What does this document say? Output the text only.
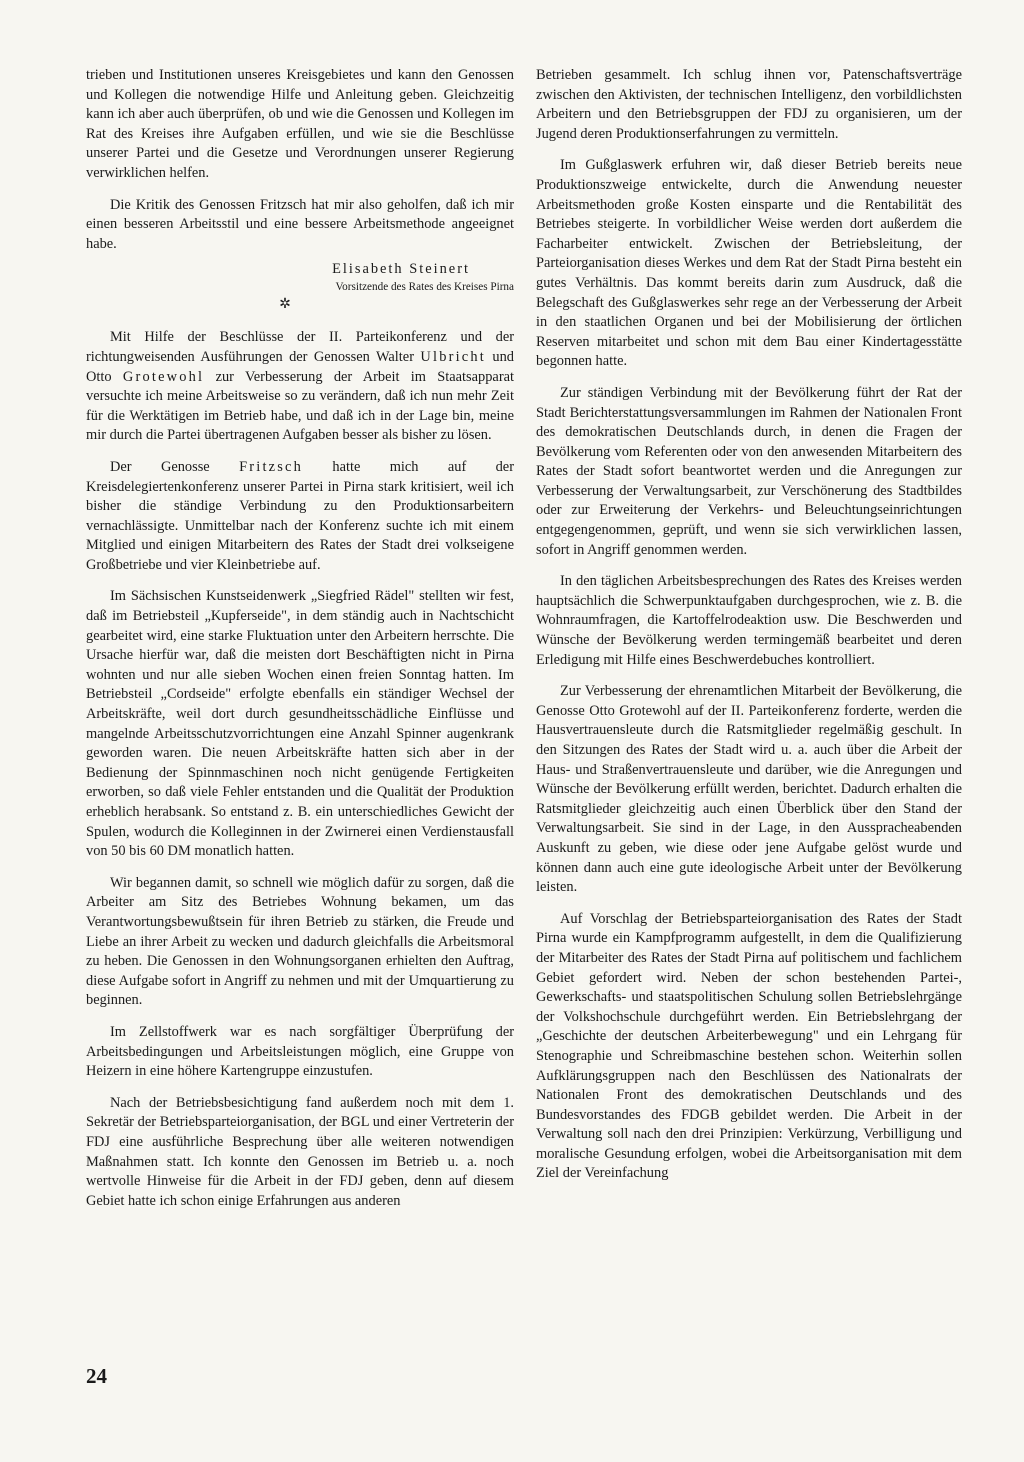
trieben und Institutionen unseres Kreisgebietes und kann den Genossen und Kollegen die notwendige Hilfe und Anleitung geben. Gleichzeitig kann ich aber auch überprüfen, ob und wie die Genossen und Kollegen im Rat des Kreises ihre Aufgaben erfüllen, und wie sie die Beschlüsse unserer Partei und die Gesetze und Verordnungen unserer Regierung verwirklichen helfen.

Die Kritik des Genossen Fritzsch hat mir also geholfen, daß ich mir einen besseren Arbeitsstil und eine bessere Arbeitsmethode angeeignet habe.

Elisabeth Steinert
Vorsitzende des Rates des Kreises Pirna
✲

Mit Hilfe der Beschlüsse der II. Parteikonferenz und der richtungweisenden Ausführungen der Genossen Walter Ulbricht und Otto Grotewohl zur Verbesserung der Arbeit im Staatsapparat versuchte ich meine Arbeitsweise so zu verändern, daß ich nun mehr Zeit für die Werktätigen im Betrieb habe, und daß ich in der Lage bin, meine mir durch die Partei übertragenen Aufgaben besser als bisher zu lösen.

Der Genosse Fritzsch hatte mich auf der Kreisdelegiertenkonferenz unserer Partei in Pirna stark kritisiert, weil ich bisher die ständige Verbindung zu den Produktionsarbeitern vernachlässigte. Unmittelbar nach der Konferenz suchte ich mit einem Mitglied und einigen Mitarbeitern des Rates der Stadt drei volkseigene Großbetriebe und vier Kleinbetriebe auf.

Im Sächsischen Kunstseidenwerk „Siegfried Rädel" stellten wir fest, daß im Betriebsteil „Kupferseide", in dem ständig auch in Nachtschicht gearbeitet wird, eine starke Fluktuation unter den Arbeitern herrschte. Die Ursache hierfür war, daß die meisten dort Beschäftigten nicht in Pirna wohnten und nur alle sieben Wochen einen freien Sonntag hatten. Im Betriebsteil „Cordseide" erfolgte ebenfalls ein ständiger Wechsel der Arbeitskräfte, weil dort durch gesundheitsschädliche Einflüsse und mangelnde Arbeitsschutzvorrichtungen eine Anzahl Spinner augenkrank geworden waren. Die neuen Arbeitskräfte hatten sich aber in der Bedienung der Spinnmaschinen noch nicht genügende Fertigkeiten erworben, so daß viele Fehler entstanden und die Qualität der Produktion erheblich herabsank. So entstand z. B. ein unterschiedliches Gewicht der Spulen, wodurch die Kolleginnen in der Zwirnerei einen Verdienstausfall von 50 bis 60 DM monatlich hatten.

Wir begannen damit, so schnell wie möglich dafür zu sorgen, daß die Arbeiter am Sitz des Betriebes Wohnung bekamen, um das Verantwortungsbewußtsein für ihren Betrieb zu stärken, die Freude und Liebe an ihrer Arbeit zu wecken und dadurch gleichfalls die Arbeitsmoral zu heben. Die Genossen in den Wohnungsorganen erhielten den Auftrag, diese Aufgabe sofort in Angriff zu nehmen und mit der Umquartierung zu beginnen.

Im Zellstoffwerk war es nach sorgfältiger Überprüfung der Arbeitsbedingungen und Arbeitsleistungen möglich, eine Gruppe von Heizern in eine höhere Kartengruppe einzustufen.

Nach der Betriebsbesichtigung fand außerdem noch mit dem 1. Sekretär der Betriebsparteiorganisation, der BGL und einer Vertreterin der FDJ eine ausführliche Besprechung über alle weiteren notwendigen Maßnahmen statt. Ich konnte den Genossen im Betrieb u. a. noch wertvolle Hinweise für die Arbeit in der FDJ geben, denn auf diesem Gebiet hatte ich schon einige Erfahrungen aus anderen

Betrieben gesammelt. Ich schlug ihnen vor, Patenschaftsverträge zwischen den Aktivisten, der technischen Intelligenz, den vorbildlichsten Arbeitern und den Betriebsgruppen der FDJ zu organisieren, um der Jugend deren Produktionserfahrungen zu vermitteln.

Im Gußglaswerk erfuhren wir, daß dieser Betrieb bereits neue Produktionszweige entwickelte, durch die Anwendung neuester Arbeitsmethoden große Kosten einsparte und die Rentabilität des Betriebes steigerte. In vorbildlicher Weise werden dort außerdem die Facharbeiter entwickelt. Zwischen der Betriebsleitung, der Parteiorganisation dieses Werkes und dem Rat der Stadt Pirna besteht ein gutes Verhältnis. Das kommt bereits darin zum Ausdruck, daß die Belegschaft des Gußglaswerkes sehr rege an der Verbesserung der Arbeit in den staatlichen Organen und bei der Mobilisierung der örtlichen Reserven mitarbeitet und schon mit dem Bau einer Kindertagesstätte begonnen hatte.

Zur ständigen Verbindung mit der Bevölkerung führt der Rat der Stadt Berichterstattungsversammlungen im Rahmen der Nationalen Front des demokratischen Deutschlands durch, in denen die Fragen der Bevölkerung vom Referenten oder von den anwesenden Mitarbeitern des Rates der Stadt sofort beantwortet werden und die Anregungen zur Verbesserung der Verwaltungsarbeit, zur Verschönerung des Stadtbildes oder zur Erweiterung der Verkehrs- und Beleuchtungseinrichtungen entgegengenommen, geprüft, und wenn sie sich verwirklichen lassen, sofort in Angriff genommen werden.

In den täglichen Arbeitsbesprechungen des Rates des Kreises werden hauptsächlich die Schwerpunktaufgaben durchgesprochen, wie z. B. die Wohnraumfragen, die Kartoffelrodeaktion usw. Die Beschwerden und Wünsche der Bevölkerung werden termingemäß bearbeitet und deren Erledigung mit Hilfe eines Beschwerdebuches kontrolliert.

Zur Verbesserung der ehrenamtlichen Mitarbeit der Bevölkerung, die Genosse Otto Grotewohl auf der II. Parteikonferenz forderte, werden die Hausvertrauensleute durch die Ratsmitglieder regelmäßig geschult. In den Sitzungen des Rates der Stadt wird u. a. auch über die Arbeit der Haus- und Straßenvertrauensleute und darüber, wie die Anregungen und Wünsche der Bevölkerung erfüllt werden, berichtet. Dadurch erhalten die Ratsmitglieder gleichzeitig auch einen Überblick über den Stand der Verwaltungsarbeit. Sie sind in der Lage, in den Ausspracheabenden Auskunft zu geben, wie diese oder jene Aufgabe gelöst wurde und können dann auch eine gute ideologische Arbeit unter der Bevölkerung leisten.

Auf Vorschlag der Betriebsparteiorganisation des Rates der Stadt Pirna wurde ein Kampfprogramm aufgestellt, in dem die Qualifizierung der Mitarbeiter des Rates der Stadt Pirna auf politischem und fachlichem Gebiet gefordert wird. Neben der schon bestehenden Partei-, Gewerkschafts- und staatspolitischen Schulung sollen Betriebslehrgänge der Volkshochschule durchgeführt werden. Ein Betriebslehrgang der „Geschichte der deutschen Arbeiterbewegung" und ein Lehrgang für Stenographie und Schreibmaschine bestehen schon. Weiterhin sollen Aufklärungsgruppen nach den Beschlüssen des Nationalrats der Nationalen Front des demokratischen Deutschlands und des Bundesvorstandes des FDGB gebildet werden. Die Arbeit in der Verwaltung soll nach den drei Prinzipien: Verkürzung, Verbilligung und moralische Gesundung erfolgen, wobei die Arbeitsorganisation mit dem Ziel der Vereinfachung

24
